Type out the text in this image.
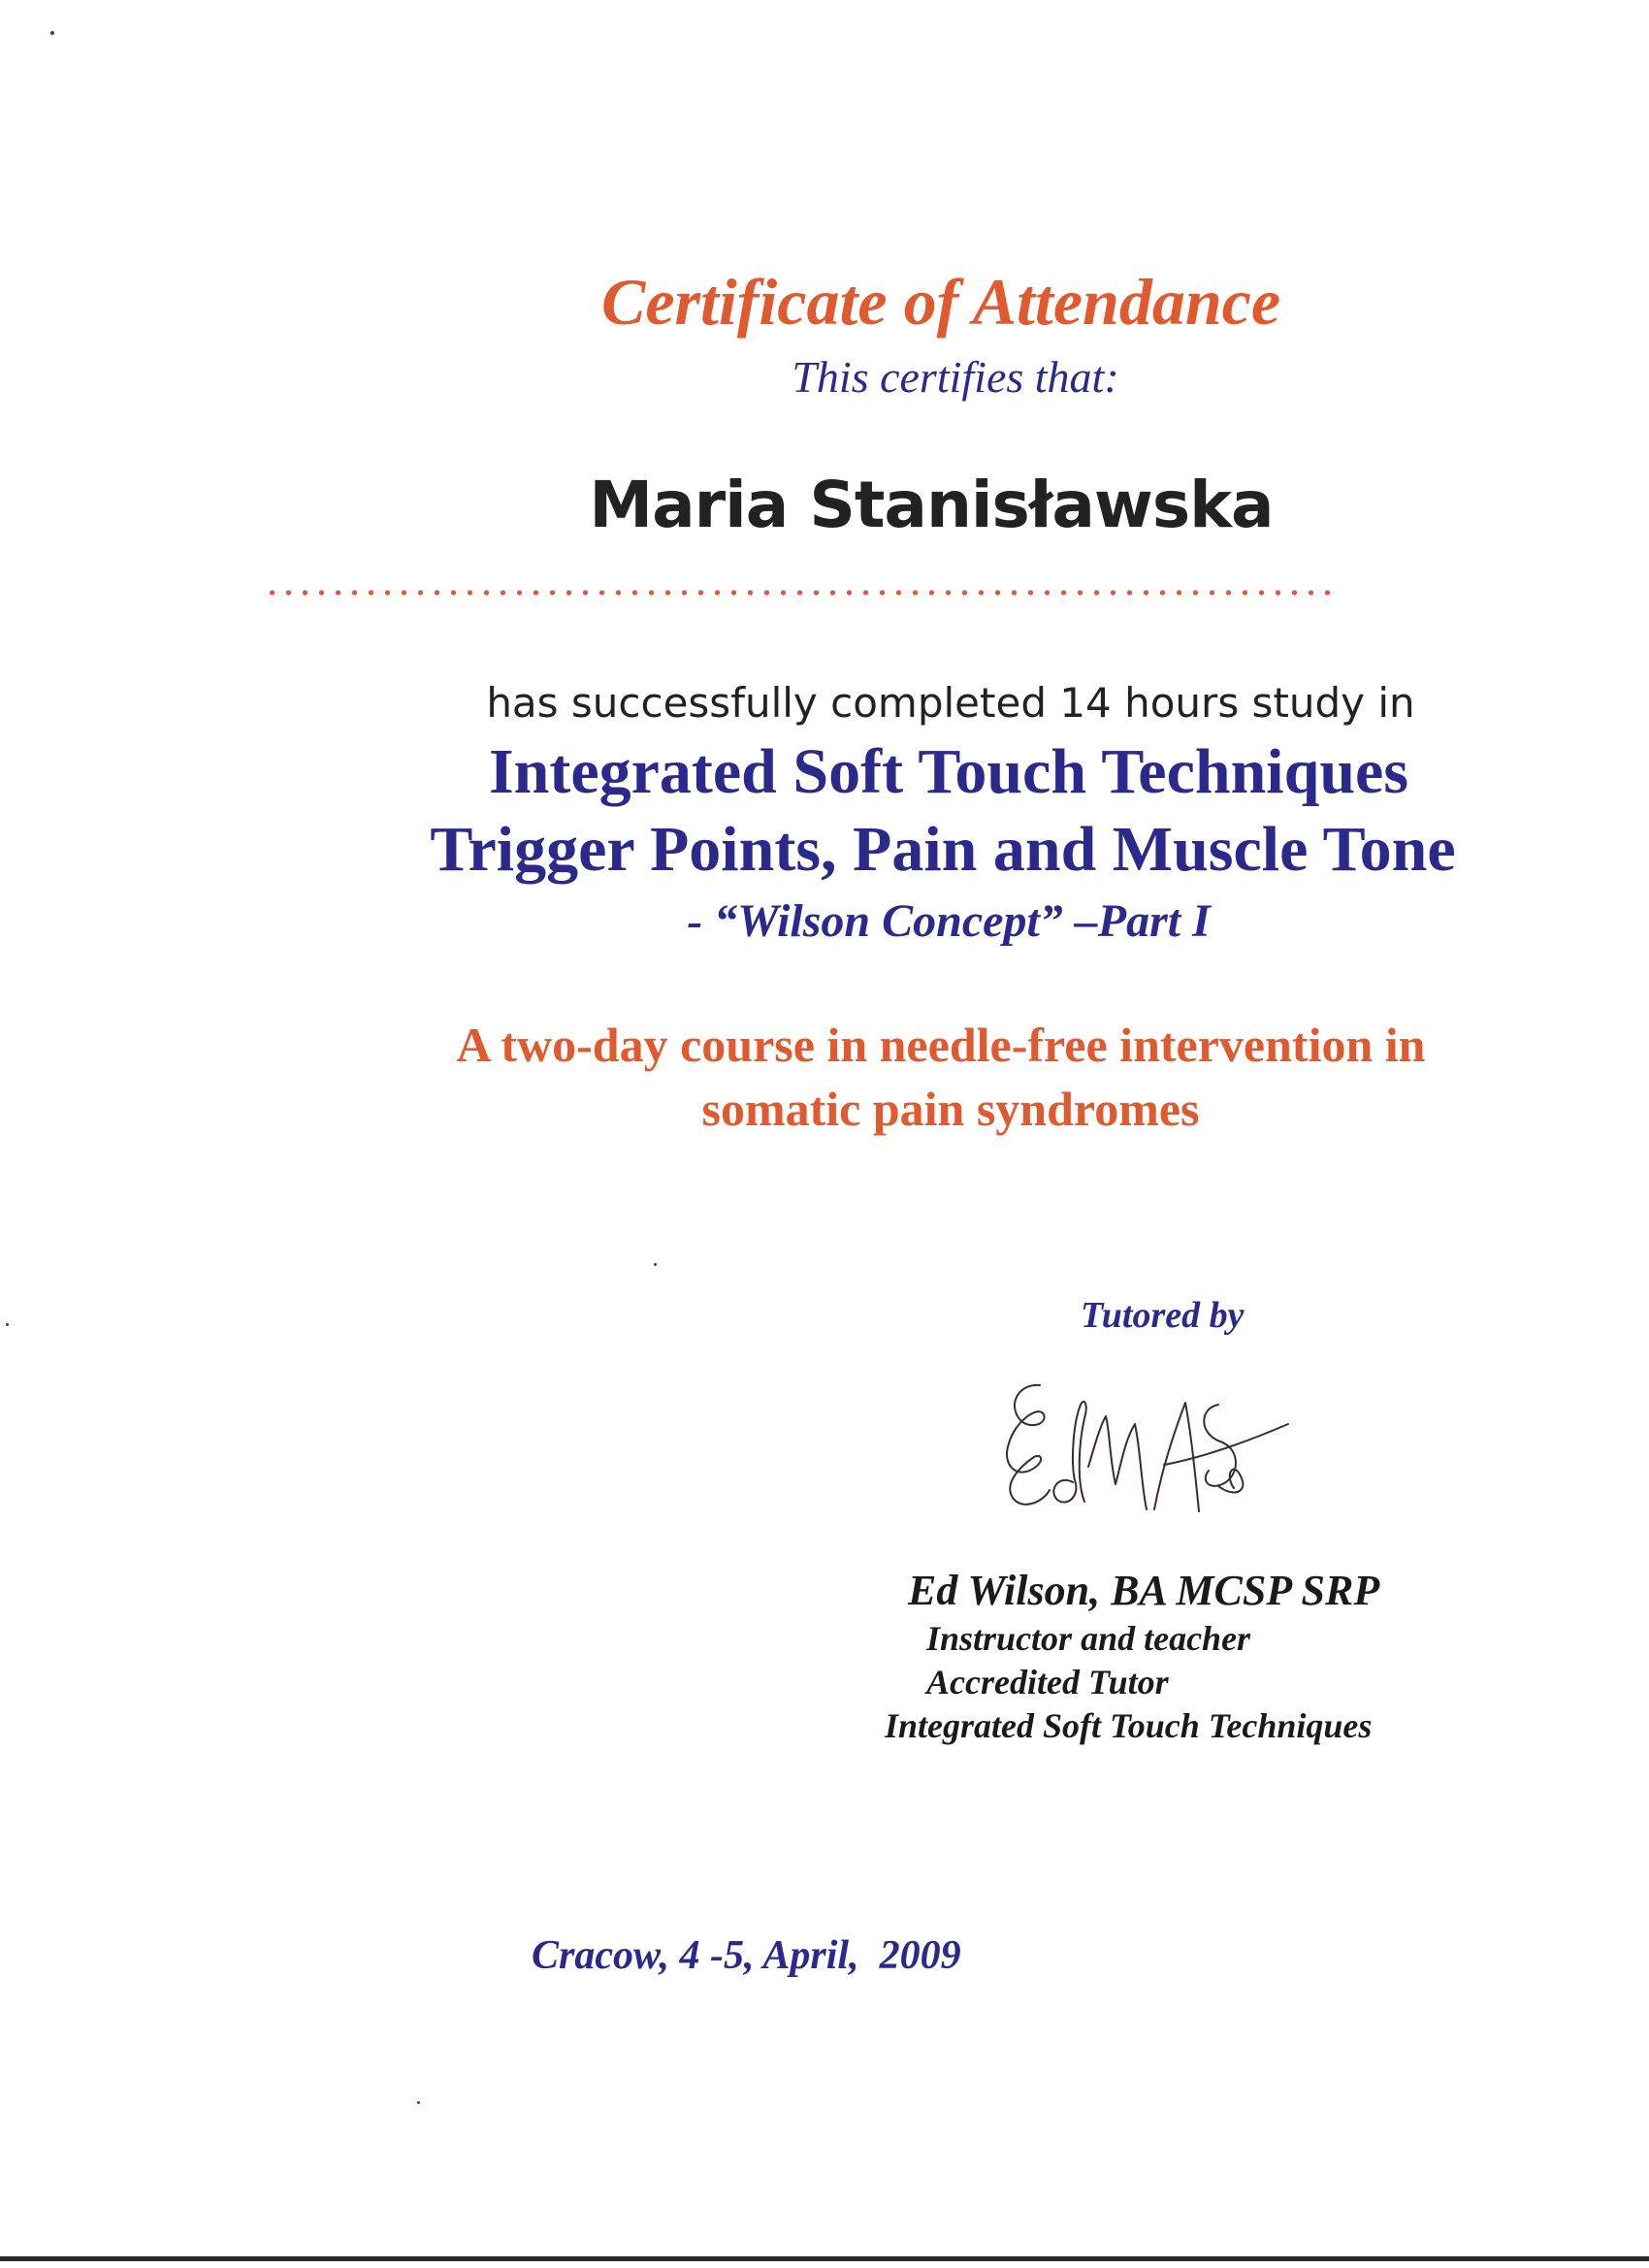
Certificate of Attendance
This certifies that:
Maria Stanisławska
has successfully completed 14 hours study in
Integrated Soft Touch Techniques
Trigger Points, Pain and Muscle Tone
- “Wilson Concept” –Part I
A two-day course in needle-free intervention in
somatic pain syndromes
Tutored by
Ed Wilson, BA MCSP SRP
Instructor and teacher
Accredited Tutor
Integrated Soft Touch Techniques
Cracow, 4 -5, April,  2009
